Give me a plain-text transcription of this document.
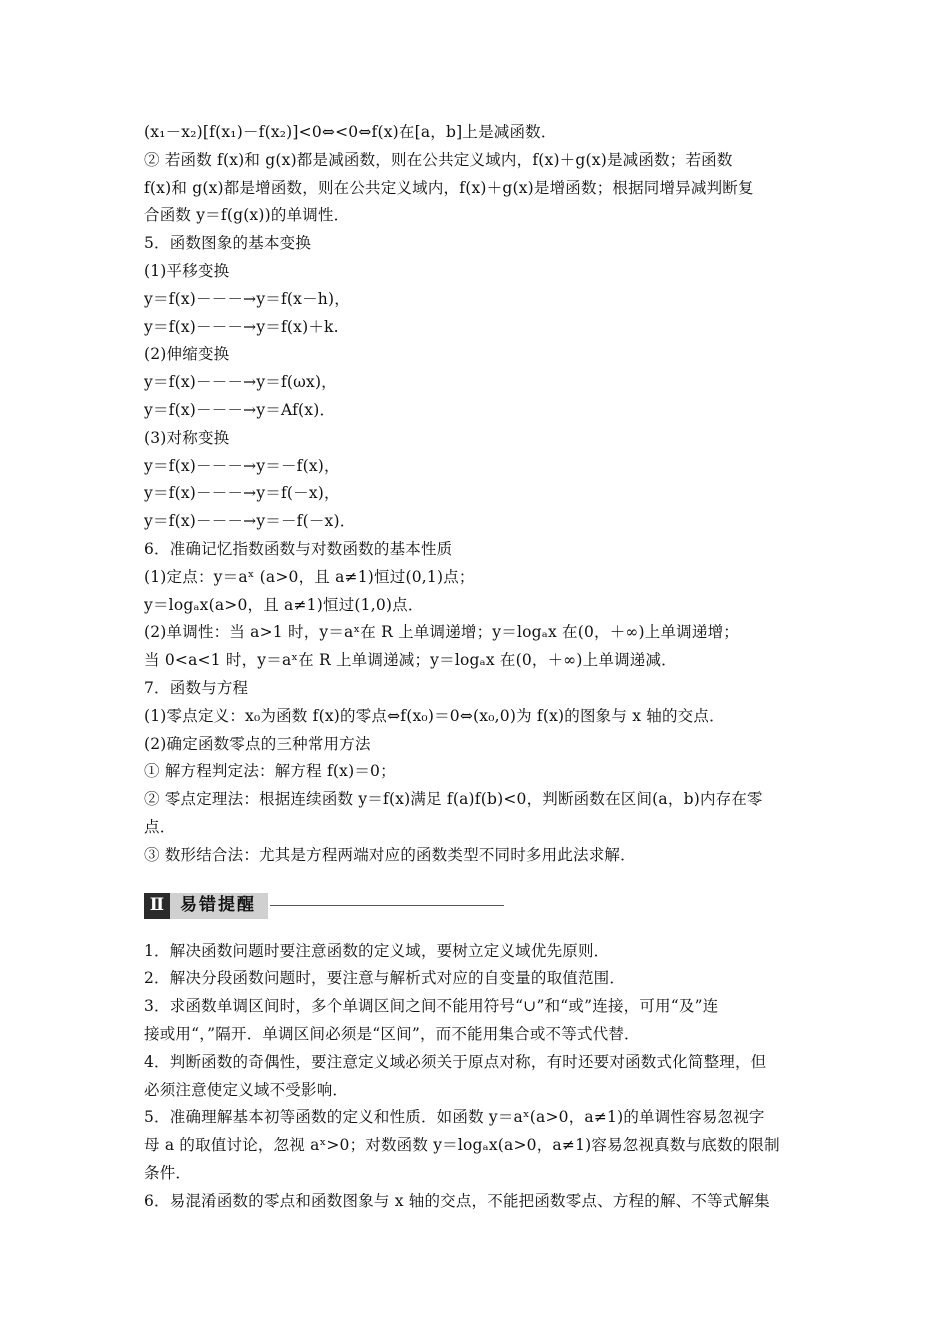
(x₁－x₂)[f(x₁)－f(x₂)]<0⇔<0⇔f(x)在[a，b]上是减函数．
② 若函数 f(x)和 g(x)都是减函数，则在公共定义域内，f(x)＋g(x)是减函数；若函数
f(x)和 g(x)都是增函数，则在公共定义域内，f(x)＋g(x)是增函数；根据同增异减判断复
合函数 y＝f(g(x))的单调性．
5．函数图象的基本变换
(1)平移变换
y＝f(x)－－－→y＝f(x－h)，
y＝f(x)－－－→y＝f(x)＋k.
(2)伸缩变换
y＝f(x)－－－→y＝f(ωx)，
y＝f(x)－－－→y＝Af(x)．
(3)对称变换
y＝f(x)－－－→y＝－f(x)，
y＝f(x)－－－→y＝f(－x)，
y＝f(x)－－－→y＝－f(－x)．
6．准确记忆指数函数与对数函数的基本性质
(1)定点：y＝aˣ (a>0，且 a≠1)恒过(0,1)点；
y＝logₐx(a>0，且 a≠1)恒过(1,0)点．
(2)单调性：当 a>1 时，y＝aˣ在 R 上单调递增；y＝logₐx 在(0，＋∞)上单调递增；
当 0<a<1 时，y＝aˣ在 R 上单调递减；y＝logₐx 在(0，＋∞)上单调递减．
7．函数与方程
(1)零点定义：x₀为函数 f(x)的零点⇔f(x₀)＝0⇔(x₀,0)为 f(x)的图象与 x 轴的交点．
(2)确定函数零点的三种常用方法
① 解方程判定法：解方程 f(x)＝0；
② 零点定理法：根据连续函数 y＝f(x)满足 f(a)f(b)<0，判断函数在区间(a，b)内存在零
点．
③ 数形结合法：尤其是方程两端对应的函数类型不同时多用此法求解．
Ⅱ 易错提醒
1．解决函数问题时要注意函数的定义域，要树立定义域优先原则．
2．解决分段函数问题时，要注意与解析式对应的自变量的取值范围．
3．求函数单调区间时，多个单调区间之间不能用符号“∪”和“或”连接，可用“及”连
接或用“，”隔开．单调区间必须是“区间”，而不能用集合或不等式代替．
4．判断函数的奇偶性，要注意定义域必须关于原点对称，有时还要对函数式化简整理，但
必须注意使定义域不受影响．
5．准确理解基本初等函数的定义和性质．如函数 y＝aˣ(a>0，a≠1)的单调性容易忽视字
母 a 的取值讨论，忽视 aˣ>0；对数函数 y＝logₐx(a>0，a≠1)容易忽视真数与底数的限制
条件．
6．易混淆函数的零点和函数图象与 x 轴的交点，不能把函数零点、方程的解、不等式解集
